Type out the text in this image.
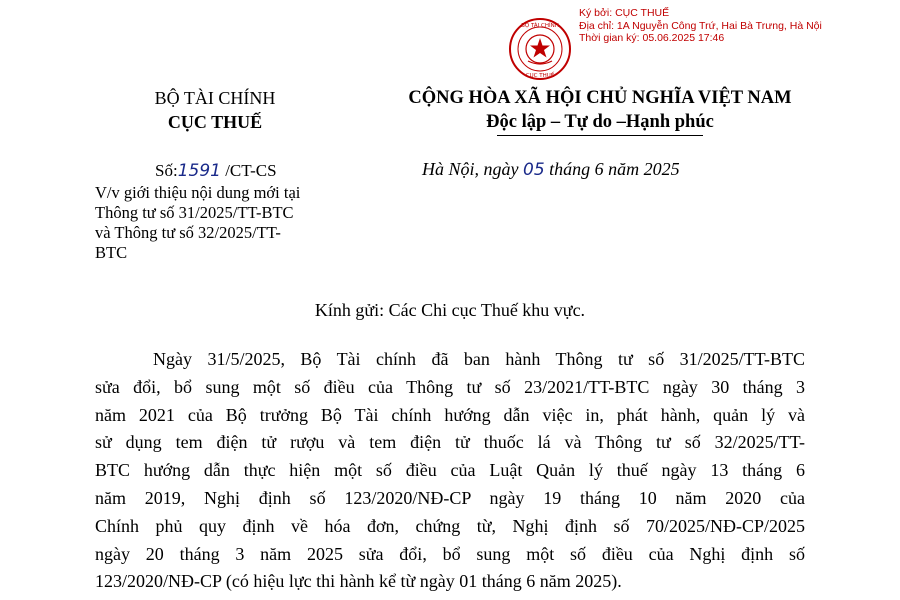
Ký bởi: CỤC THUẾ
Địa chỉ: 1A Nguyễn Công Trứ, Hai Bà Trưng, Hà Nội
Thời gian ký: 05.06.2025 17:46
BỘ TÀI CHÍNH
CỤC THUẾ
BỘ TÀI CHÍNH
CỤC THUẾ
CỘNG HÒA XÃ HỘI CHỦ NGHĨA VIỆT NAM
Độc lập – Tự do –Hạnh phúc
Số:1591 /CT-CS
V/v giới thiệu nội dung mới tại
Thông tư số 31/2025/TT-BTC
và Thông tư số 32/2025/TT-
BTC
Hà Nội, ngày 05 tháng 6 năm 2025
Kính gửi: Các Chi cục Thuế khu vực.
Ngày 31/5/2025, Bộ Tài chính đã ban hành Thông tư số 31/2025/TT-BTC
sửa đổi, bổ sung một số điều của Thông tư số 23/2021/TT-BTC ngày 30 tháng 3
năm 2021 của Bộ trưởng Bộ Tài chính hướng dẫn việc in, phát hành, quản lý và
sử dụng tem điện tử rượu và tem điện tử thuốc lá và Thông tư số 32/2025/TT-
BTC hướng dẫn thực hiện một số điều của Luật Quản lý thuế ngày 13 tháng 6
năm 2019, Nghị định số 123/2020/NĐ-CP ngày 19 tháng 10 năm 2020 của
Chính phủ quy định về hóa đơn, chứng từ, Nghị định số 70/2025/NĐ-CP/2025
ngày 20 tháng 3 năm 2025 sửa đổi, bổ sung một số điều của Nghị định số
123/2020/NĐ-CP (có hiệu lực thi hành kể từ ngày 01 tháng 6 năm 2025).
